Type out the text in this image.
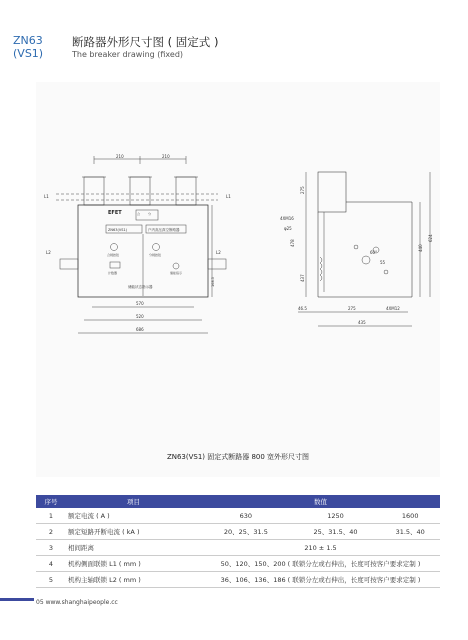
ZN63
(VS1)
断路器外形尺寸图 ( 固定式 )
The breaker drawing (fixed)
210	210
L1	L1
EFET	合	分
ZN63(VS1)	户内高压真空断路器
合闸按钮	分闸按钮
计数器	储能指示
储能状态指示器
L2	L2
168.5
570
520
686
4XM16
φ25
60°
55
275
478
437
440
624
46.5	275	4XM12
435
ZN63(VS1) 固定式断路器 800 宽外形尺寸图
序号	项目	数值		
1	额定电流 ( A )	630	1250	1600
2	额定短路开断电流 ( kA )	20、25、31.5	25、31.5、40	31.5、40
3	相间距离	210 ± 1.5		
4	机构侧面联锁 L1 ( mm )	50、120、150、200 ( 联锁分左或右伸出，长度可按客户要求定制 )		
5	机构主轴联锁 L2 ( mm )	36、106、136、186 ( 联锁分左或右伸出，长度可按客户要求定制 )		
05 www.shanghaipeople.cc
